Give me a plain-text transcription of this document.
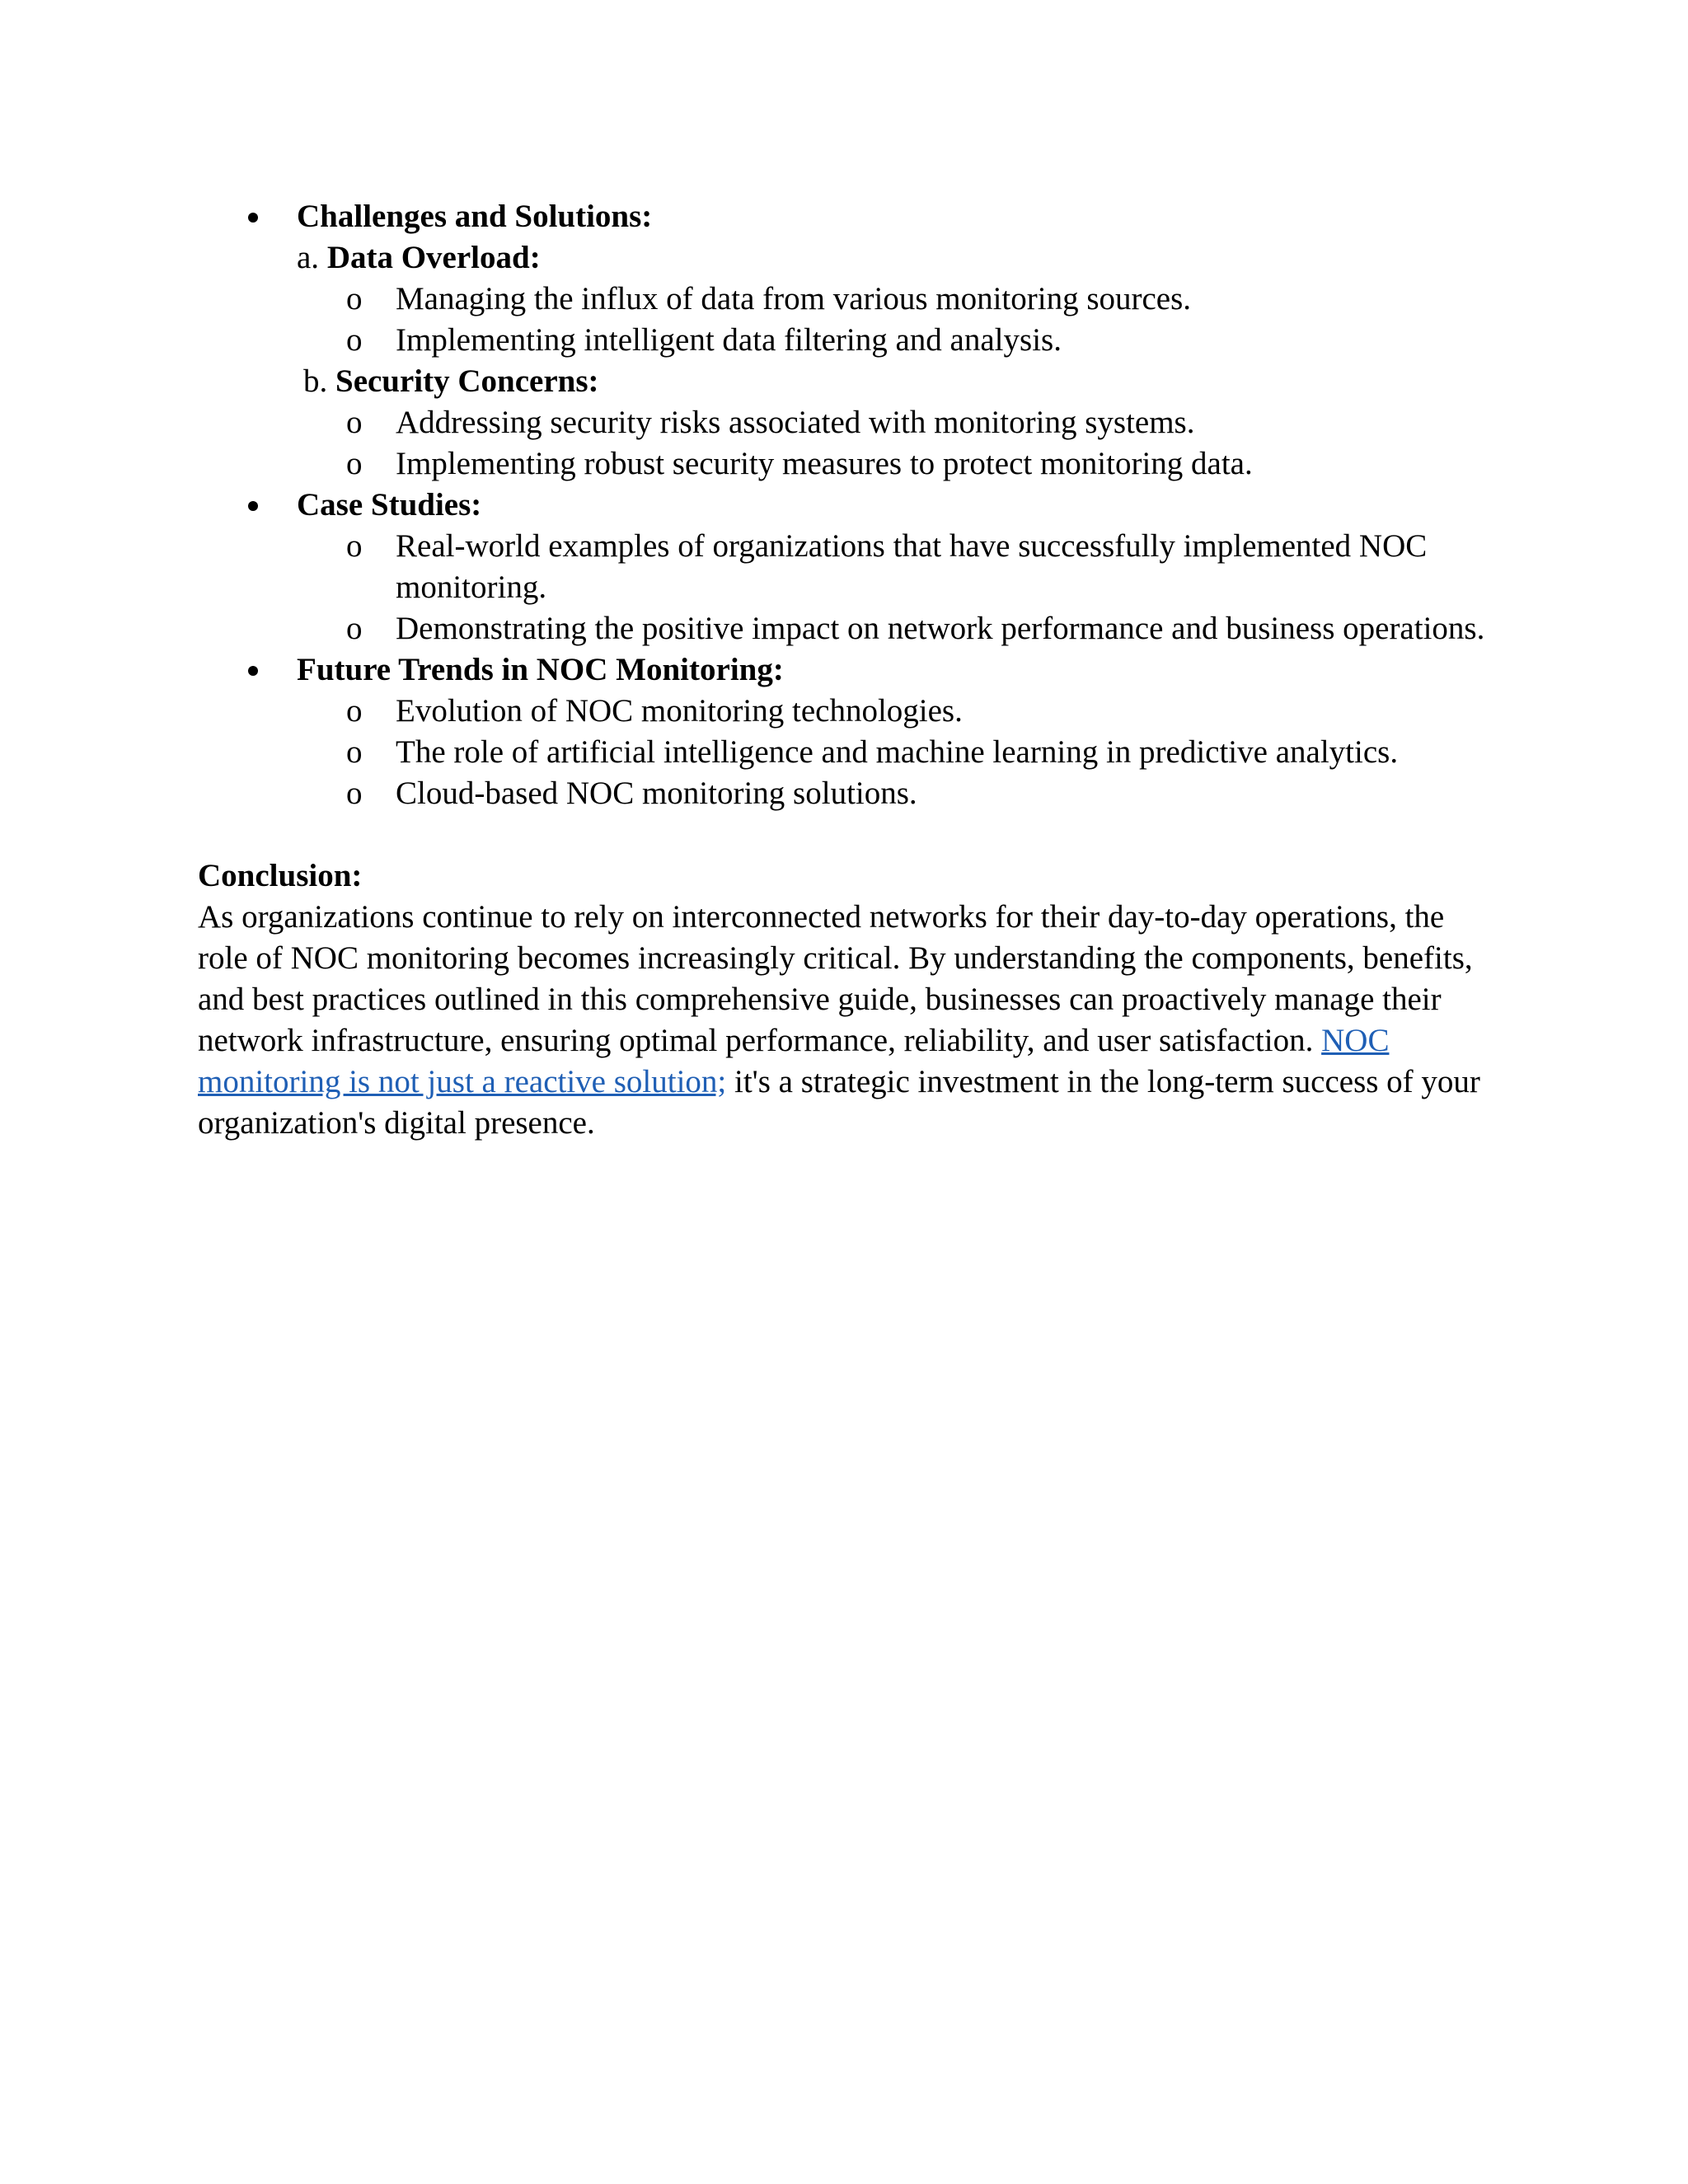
Challenges and Solutions:
a. Data Overload:
o Managing the influx of data from various monitoring sources.
o Implementing intelligent data filtering and analysis.
b. Security Concerns:
o Addressing security risks associated with monitoring systems.
o Implementing robust security measures to protect monitoring data.
Case Studies:
o Real-world examples of organizations that have successfully implemented NOC monitoring.
o Demonstrating the positive impact on network performance and business operations.
Future Trends in NOC Monitoring:
o Evolution of NOC monitoring technologies.
o The role of artificial intelligence and machine learning in predictive analytics.
o Cloud-based NOC monitoring solutions.
Conclusion:

As organizations continue to rely on interconnected networks for their day-to-day operations, the role of NOC monitoring becomes increasingly critical. By understanding the components, benefits, and best practices outlined in this comprehensive guide, businesses can proactively manage their network infrastructure, ensuring optimal performance, reliability, and user satisfaction. NOC monitoring is not just a reactive solution; it's a strategic investment in the long-term success of your organization's digital presence.
